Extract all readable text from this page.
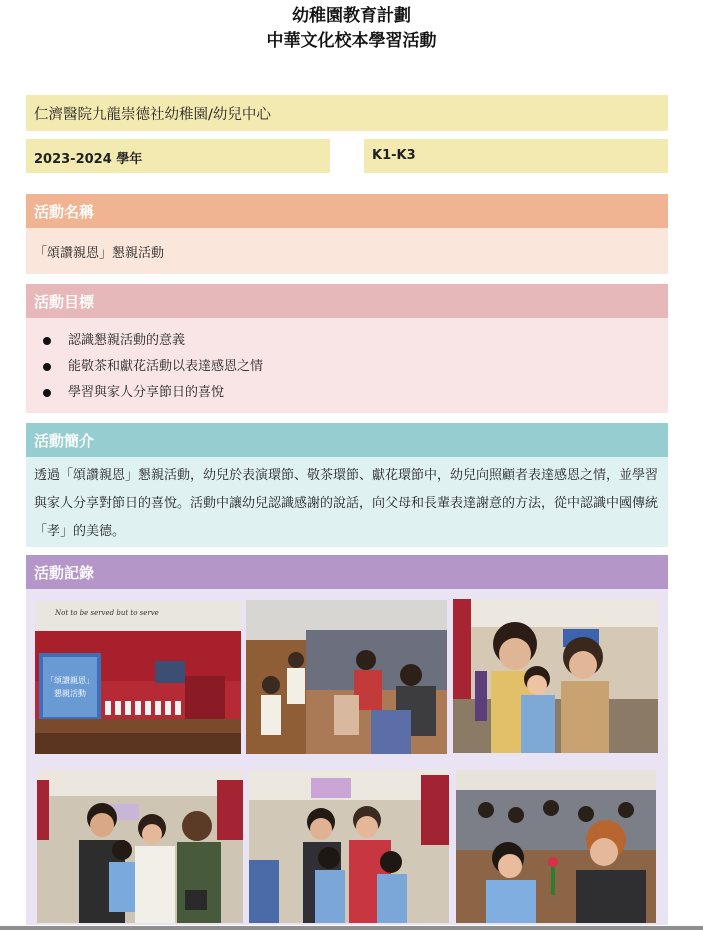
幼稚園教育計劃
中華文化校本學習活動
仁濟醫院九龍崇德社幼稚園/幼兒中心
2023-2024 學年	K1-K3
活動名稱
「頌讚親恩」懇親活動
活動目標
認識懇親活動的意義
能敬茶和獻花活動以表達感恩之情
學習與家人分享節日的喜悅
活動簡介
透過「頌讚親恩」懇親活動，幼兒於表演環節、敬茶環節、獻花環節中，幼兒向照顧者表達感恩之情，並學習與家人分享對節日的喜悅。活動中讓幼兒認識感謝的說話，向父母和長輩表達謝意的方法，從中認識中國傳統「孝」的美德。
活動記錄
「頌讚親恩」
懇親活動
Not to be served but to serve
